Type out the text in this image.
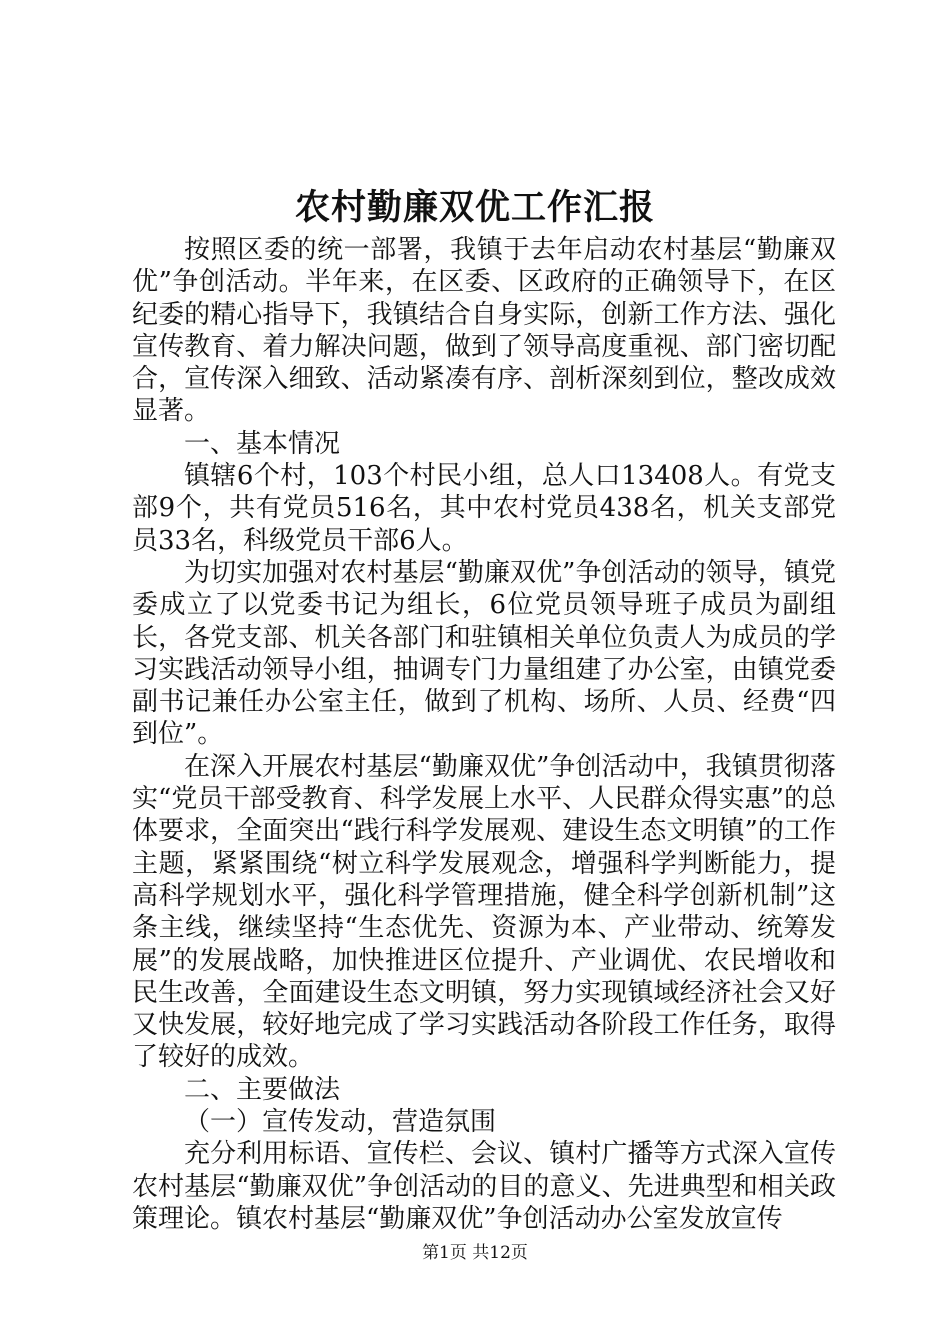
农村勤廉双优工作汇报

按照区委的统一部署，我镇于去年启动农村基层“勤廉双优”争创活动。半年来，在区委、区政府的正确领导下，在区纪委的精心指导下，我镇结合自身实际，创新工作方法、强化宣传教育、着力解决问题，做到了领导高度重视、部门密切配合，宣传深入细致、活动紧凑有序、剖析深刻到位，整改成效显著。

一、基本情况

镇辖6个村，103个村民小组，总人口13408人。有党支部9个，共有党员516名，其中农村党员438名，机关支部党员33名，科级党员干部6人。

为切实加强对农村基层“勤廉双优”争创活动的领导，镇党委成立了以党委书记为组长，6位党员领导班子成员为副组长，各党支部、机关各部门和驻镇相关单位负责人为成员的学习实践活动领导小组，抽调专门力量组建了办公室，由镇党委副书记兼任办公室主任，做到了机构、场所、人员、经费“四到位”。

在深入开展农村基层“勤廉双优”争创活动中，我镇贯彻落实“党员干部受教育、科学发展上水平、人民群众得实惠”的总体要求，全面突出“践行科学发展观、建设生态文明镇”的工作主题，紧紧围绕“树立科学发展观念，增强科学判断能力，提高科学规划水平，强化科学管理措施，健全科学创新机制”这条主线，继续坚持“生态优先、资源为本、产业带动、统筹发展”的发展战略，加快推进区位提升、产业调优、农民增收和民生改善，全面建设生态文明镇，努力实现镇域经济社会又好又快发展，较好地完成了学习实践活动各阶段工作任务，取得了较好的成效。

二、主要做法

（一）宣传发动，营造氛围

充分利用标语、宣传栏、会议、镇村广播等方式深入宣传农村基层“勤廉双优”争创活动的目的意义、先进典型和相关政策理论。镇农村基层“勤廉双优”争创活动办公室发放宣传

第1页 共12页
